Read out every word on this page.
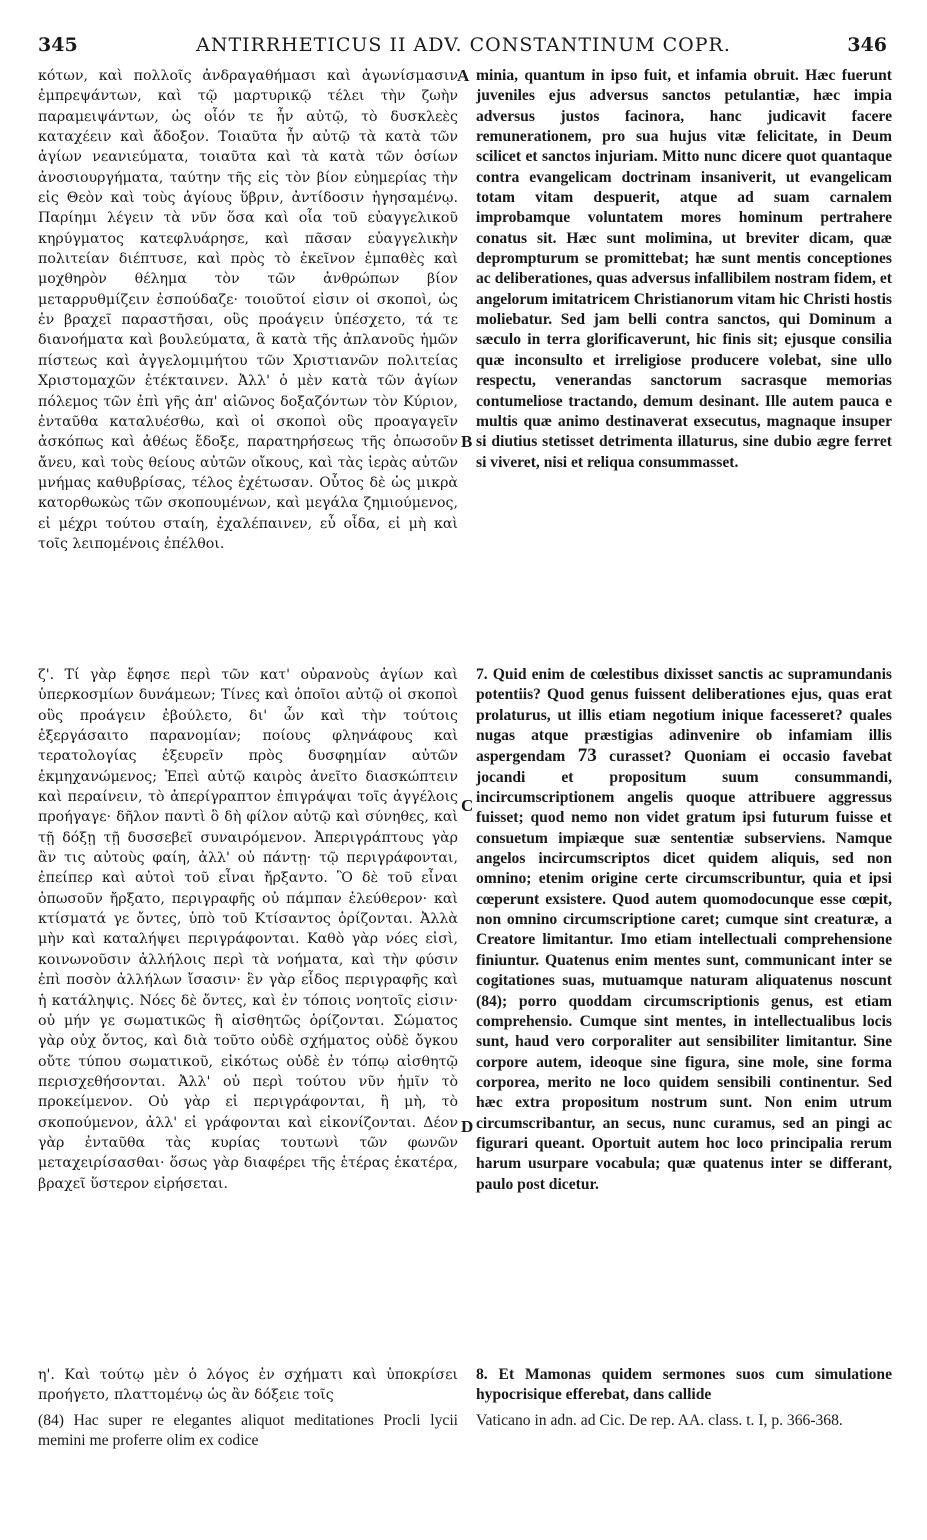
345	ANTIRRHETICUS II ADV. CONSTANTINUM COPR.	346
A
B
C
D

κότων, καὶ πολλοῖς ἀνδραγαθήμασι καὶ ἀγωνίσμασιν ἐμπρεψάντων, καὶ τῷ μαρτυρικῷ τέλει τὴν ζωὴν παραμειψάντων, ὡς οἷόν τε ἦν αὐτῷ, τὸ δυσκλεὲς καταχέειν καὶ ἄδοξον. Τοιαῦτα ἦν αὐτῷ τὰ κατὰ τῶν ἁγίων νεανιεύματα, τοιαῦτα καὶ τὰ κατὰ τῶν ὁσίων ἀνοσιουργήματα, ταύτην τῆς εἰς τὸν βίον εὐημερίας τὴν εἰς Θεὸν καὶ τοὺς ἁγίους ὕβριν, ἀντίδοσιν ἡγησαμένῳ. Παρίημι λέγειν τὰ νῦν ὅσα καὶ οἷα τοῦ εὐαγγελικοῦ κηρύγματος κατεφλυάρησε, καὶ πᾶσαν εὐαγγελικὴν πολιτείαν διέπτυσε, καὶ πρὸς τὸ ἐκεῖνον ἐμπαθὲς καὶ μοχθηρὸν θέλημα τὸν τῶν ἀνθρώπων βίον μεταρρυθμίζειν ἐσπούδαζε· τοιοῦτοί εἰσιν οἱ σκοποὶ, ὡς ἐν βραχεῖ παραστῆσαι, οὓς προάγειν ὑπέσχετο, τά τε διανοήματα καὶ βουλεύματα, ἃ κατὰ τῆς ἀπλανοῦς ἡμῶν πίστεως καὶ ἀγγελομιμήτου τῶν Χριστιανῶν πολιτείας Χριστομαχῶν ἐτέκταινεν. Ἀλλ' ὁ μὲν κατὰ τῶν ἁγίων πόλεμος τῶν ἐπὶ γῆς ἀπ' αἰῶνος δοξαζόντων τὸν Κύριον, ἐνταῦθα καταλυέσθω, καὶ οἱ σκοποὶ οὓς προαγαγεῖν ἀσκόπως καὶ ἀθέως ἔδοξε, παρατηρήσεως τῆς ὁπωσοῦν ἄνευ, καὶ τοὺς θείους αὐτῶν οἴκους, καὶ τὰς ἱερὰς αὐτῶν μνήμας καθυβρίσας, τέλος ἐχέτωσαν. Οὗτος δὲ ὡς μικρὰ κατορθωκὼς τῶν σκοπουμένων, καὶ μεγάλα ζημιούμενος, εἰ μέχρι τούτου σταίη, ἐχαλέπαινεν, εὖ οἶδα, εἰ μὴ καὶ τοῖς λειπομένοις ἐπέλθοι.

ζ'. Τί γὰρ ἔφησε περὶ τῶν κατ' οὐρανοὺς ἁγίων καὶ ὑπερκοσμίων δυνάμεων; Τίνες καὶ ὁποῖοι αὐτῷ οἱ σκοποὶ οὓς προάγειν ἐβούλετο, δι' ὧν καὶ τὴν τούτοις ἐξεργάσαιτο παρανομίαν; ποίους φληνάφους καὶ τερατολογίας ἐξευρεῖν πρὸς δυσφημίαν αὐτῶν ἐκμηχανώμενος; Ἐπεὶ αὐτῷ καιρὸς ἀνεῖτο διασκώπτειν καὶ περαίνειν, τὸ ἀπερίγραπτον ἐπιγράψαι τοῖς ἀγγέλοις προήγαγε· δῆλον παντὶ ὃ δὴ φίλον αὐτῷ καὶ σύνηθες, καὶ τῇ δόξῃ τῇ δυσσεβεῖ συναιρόμενον. Ἀπεριγράπτους γὰρ ἂν τις αὐτοὺς φαίη, ἀλλ' οὐ πάντῃ· τῷ περιγράφονται, ἐπείπερ καὶ αὐτοὶ τοῦ εἶναι ἤρξαντο. Ὃ δὲ τοῦ εἶναι ὁπωσοῦν ἤρξατο, περιγραφῆς οὐ πάμπαν ἐλεύθερον· καὶ κτίσματά γε ὄντες, ὑπὸ τοῦ Κτίσαντος ὁρίζονται. Ἀλλὰ μὴν καὶ καταλήψει περιγράφονται. Καθὸ γὰρ νόες εἰσὶ, κοινωνοῦσιν ἀλλήλοις περὶ τὰ νοήματα, καὶ τὴν φύσιν ἐπὶ ποσὸν ἀλλήλων ἴσασιν· ἓν γὰρ εἶδος περιγραφῆς καὶ ἡ κατάληψις. Νόες δὲ ὄντες, καὶ ἐν τόποις νοητοῖς εἰσιν· οὐ μήν γε σωματικῶς ἢ αἰσθητῶς ὁρίζονται. Σώματος γὰρ οὐχ ὄντος, καὶ διὰ τοῦτο οὐδὲ σχήματος οὐδὲ ὄγκου οὔτε τύπου σωματικοῦ, εἰκότως οὐδὲ ἐν τόπῳ αἰσθητῷ περισχεθήσονται. Ἀλλ' οὐ περὶ τούτου νῦν ἡμῖν τὸ προκείμενον. Οὐ γὰρ εἰ περιγράφονται, ἢ μὴ, τὸ σκοπούμενον, ἀλλ' εἰ γράφονται καὶ εἰκονίζονται. Δέον γὰρ ἐνταῦθα τὰς κυρίας τουτωνὶ τῶν φωνῶν μεταχειρίσασθαι· ὅσως γὰρ διαφέρει τῆς ἑτέρας ἑκατέρα, βραχεῖ ὕστερον εἰρήσεται.

η'. Καὶ τούτῳ μὲν ὁ λόγος ἐν σχήματι καὶ ὑποκρίσει προήγετο, πλαττομένῳ ὡς ἂν δόξειε τοῖς

minia, quantum in ipso fuit, et infamia obruit. Hæc fuerunt juveniles ejus adversus sanctos petulantiæ, hæc impia adversus justos facinora, hanc judicavit facere remunerationem, pro sua hujus vitæ felicitate, in Deum scilicet et sanctos injuriam. Mitto nunc dicere quot quantaque contra evangelicam doctrinam insaniverit, ut evangelicam totam vitam despuerit, atque ad suam carnalem improbamque voluntatem mores hominum pertrahere conatus sit. Hæc sunt molimina, ut breviter dicam, quæ deprompturum se promittebat; hæ sunt mentis conceptiones ac deliberationes, quas adversus infallibilem nostram fidem, et angelorum imitatricem Christianorum vitam hic Christi hostis moliebatur. Sed jam belli contra sanctos, qui Dominum a sæculo in terra glorificaverunt, hic finis sit; ejusque consilia quæ inconsulto et irreligiose producere volebat, sine ullo respectu, venerandas sanctorum sacrasque memorias contumeliose tractando, demum desinant. Ille autem pauca e multis quæ animo destinaverat exsecutus, magnaque insuper si diutius stetisset detrimenta illaturus, sine dubio ægre ferret si viveret, nisi et reliqua consummasset.

7. Quid enim de cœlestibus dixisset sanctis ac supramundanis potentiis? Quod genus fuissent deliberationes ejus, quas erat prolaturus, ut illis etiam negotium inique facesseret? quales nugas atque præstigias adinvenire ob infamiam illis aspergendam 73 curasset? Quoniam ei occasio favebat jocandi et propositum suum consummandi, incircumscriptionem angelis quoque attribuere aggressus fuisset; quod nemo non videt gratum ipsi futurum fuisse et consuetum impiæque suæ sententiæ subserviens. Namque angelos incircumscriptos dicet quidem aliquis, sed non omnino; etenim origine certe circumscribuntur, quia et ipsi cœperunt exsistere. Quod autem quomodocunque esse cœpit, non omnino circumscriptione caret; cumque sint creaturæ, a Creatore limitantur. Imo etiam intellectuali comprehensione finiuntur. Quatenus enim mentes sunt, communicant inter se cogitationes suas, mutuamque naturam aliquatenus noscunt (84); porro quoddam circumscriptionis genus, est etiam comprehensio. Cumque sint mentes, in intellectualibus locis sunt, haud vero corporaliter aut sensibiliter limitantur. Sine corpore autem, ideoque sine figura, sine mole, sine forma corporea, merito ne loco quidem sensibili continentur. Sed hæc extra propositum nostrum sunt. Non enim utrum circumscribantur, an secus, nunc curamus, sed an pingi ac figurari queant. Oportuit autem hoc loco principalia rerum harum usurpare vocabula; quæ quatenus inter se differant, paulo post dicetur.

8. Et Mamonas quidem sermones suos cum simulatione hypocrisique efferebat, dans callide

(84) Hac super re elegantes aliquot meditationes Procli lycii memini me proferre olim ex codice

Vaticano in adn. ad Cic. De rep. AA. class. t. I, p. 366-368.
